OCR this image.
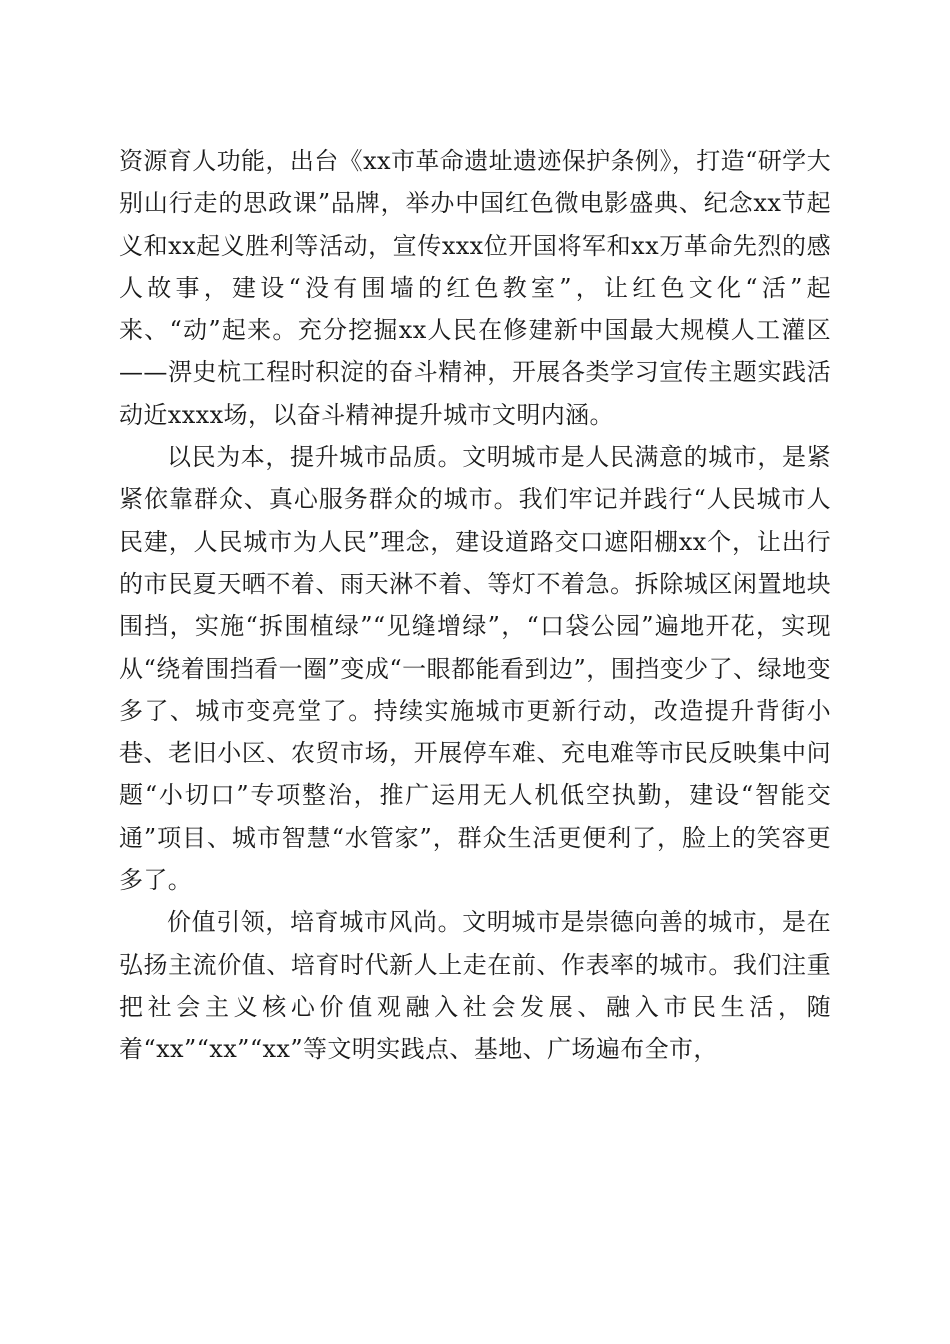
资源育人功能，出台《xx市革命遗址遗迹保护条例》，打造“研学大别山行走的思政课”品牌，举办中国红色微电影盛典、纪念xx节起义和xx起义胜利等活动，宣传xxx位开国将军和xx万革命先烈的感人故事，建设“没有围墙的红色教室”，让红色文化“活”起来、“动”起来。充分挖掘xx人民在修建新中国最大规模人工灌区——淠史杭工程时积淀的奋斗精神，开展各类学习宣传主题实践活动近xxxx场，以奋斗精神提升城市文明内涵。

以民为本，提升城市品质。文明城市是人民满意的城市，是紧紧依靠群众、真心服务群众的城市。我们牢记并践行“人民城市人民建，人民城市为人民”理念，建设道路交口遮阳棚xx个，让出行的市民夏天晒不着、雨天淋不着、等灯不着急。拆除城区闲置地块围挡，实施“拆围植绿”“见缝增绿”，“口袋公园”遍地开花，实现从“绕着围挡看一圈”变成“一眼都能看到边”，围挡变少了、绿地变多了、城市变亮堂了。持续实施城市更新行动，改造提升背街小巷、老旧小区、农贸市场，开展停车难、充电难等市民反映集中问题“小切口”专项整治，推广运用无人机低空执勤，建设“智能交通”项目、城市智慧“水管家”，群众生活更便利了，脸上的笑容更多了。

价值引领，培育城市风尚。文明城市是崇德向善的城市，是在弘扬主流价值、培育时代新人上走在前、作表率的城市。我们注重把社会主义核心价值观融入社会发展、融入市民生活，随着“xx”“xx”“xx”等文明实践点、基地、广场遍布全市，
